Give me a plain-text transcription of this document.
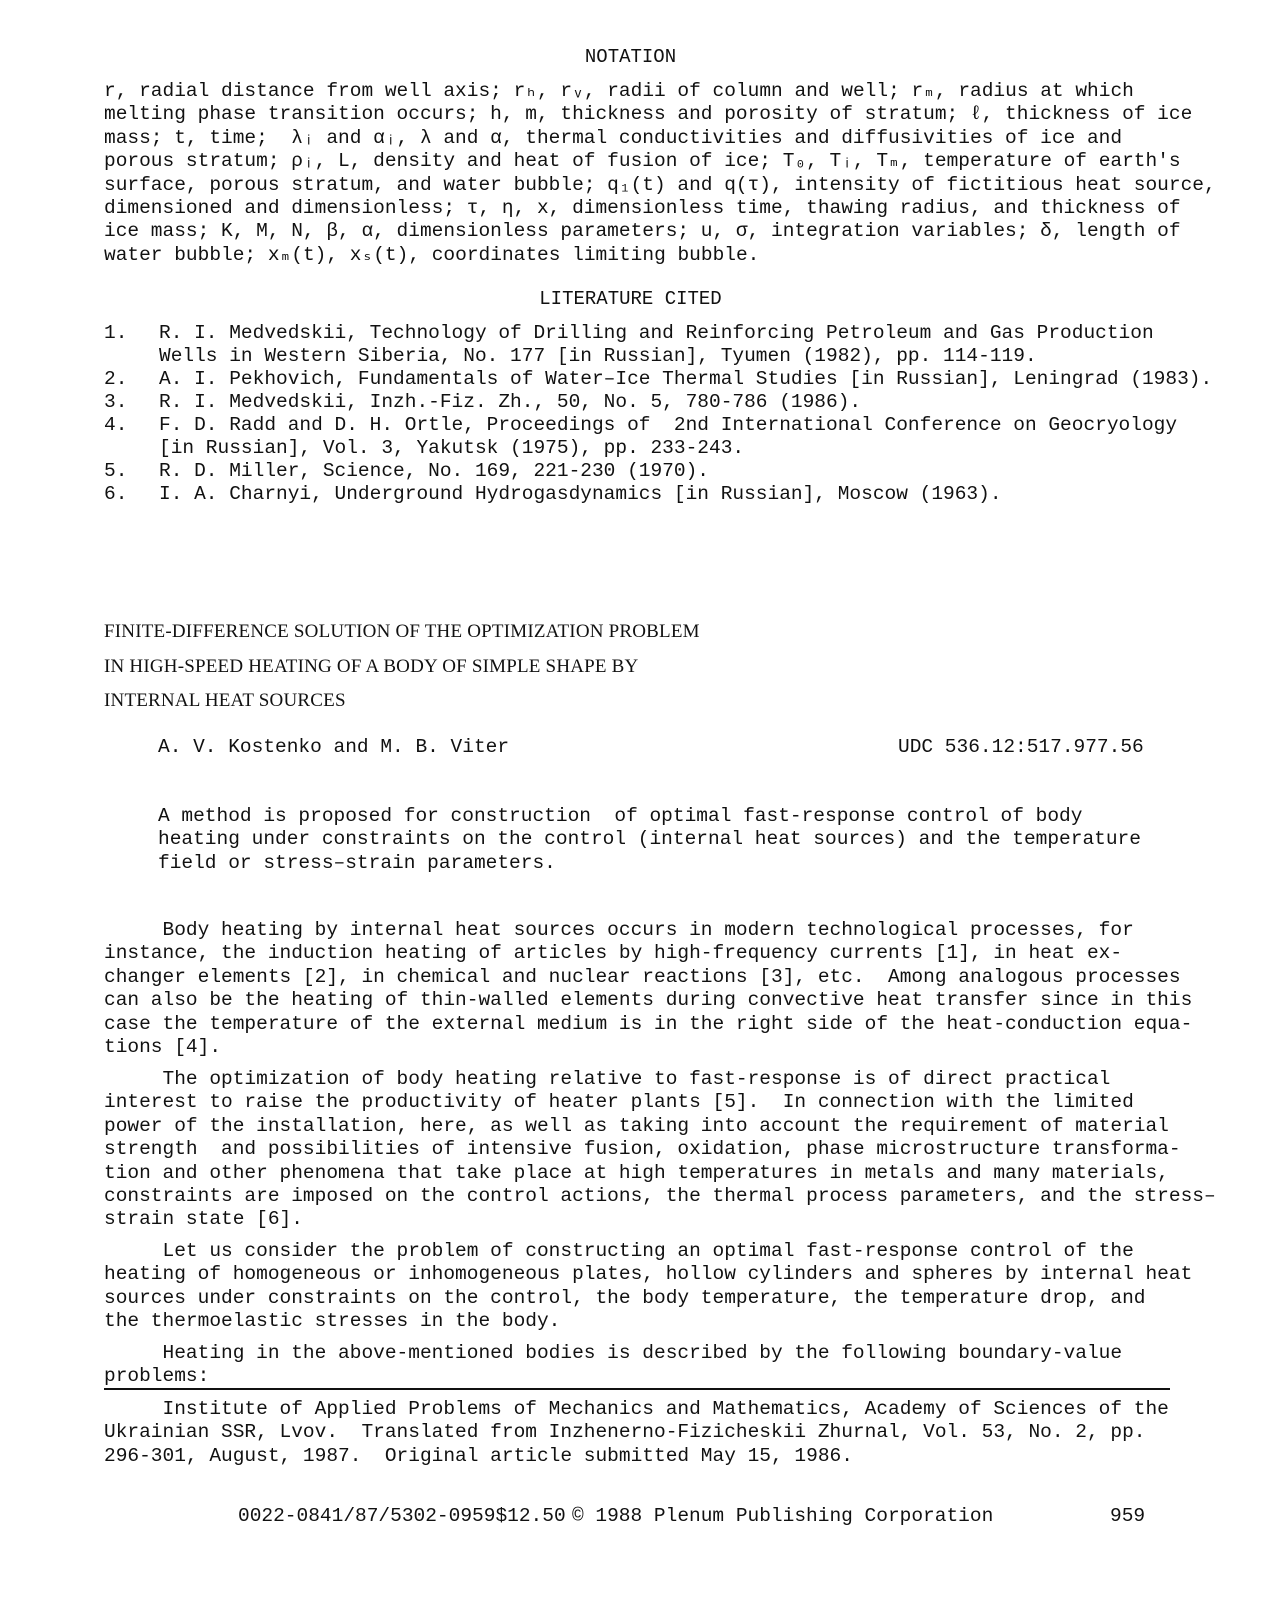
NOTATION
r, radial distance from well axis; rₕ, rᵥ, radii of column and well; rₘ, radius at which
melting phase transition occurs; h, m, thickness and porosity of stratum; ℓ, thickness of ice
mass; t, time;  λᵢ and αᵢ, λ and α, thermal conductivities and diffusivities of ice and
porous stratum; ρᵢ, L, density and heat of fusion of ice; T₀, Tᵢ, Tₘ, temperature of earth's
surface, porous stratum, and water bubble; q₁(t) and q(τ), intensity of fictitious heat source,
dimensioned and dimensionless; τ, η, x, dimensionless time, thawing radius, and thickness of
ice mass; K, M, N, β, α, dimensionless parameters; u, σ, integration variables; δ, length of
water bubble; xₘ(t), xₛ(t), coordinates limiting bubble.
LITERATURE CITED
1. R. I. Medvedskii, Technology of Drilling and Reinforcing Petroleum and Gas Production
Wells in Western Siberia, No. 177 [in Russian], Tyumen (1982), pp. 114-119.
2. A. I. Pekhovich, Fundamentals of Water–Ice Thermal Studies [in Russian], Leningrad (1983).
3. R. I. Medvedskii, Inzh.-Fiz. Zh., 50, No. 5, 780-786 (1986).
4. F. D. Radd and D. H. Ortle, Proceedings of  2nd International Conference on Geocryology
[in Russian], Vol. 3, Yakutsk (1975), pp. 233-243.
5. R. D. Miller, Science, No. 169, 221-230 (1970).
6. I. A. Charnyi, Underground Hydrogasdynamics [in Russian], Moscow (1963).
FINITE-DIFFERENCE SOLUTION OF THE OPTIMIZATION PROBLEM
IN HIGH-SPEED HEATING OF A BODY OF SIMPLE SHAPE BY
INTERNAL HEAT SOURCES
A. V. Kostenko and M. B. Viter	UDC 536.12:517.977.56
A method is proposed for construction  of optimal fast-response control of body
heating under constraints on the control (internal heat sources) and the temperature
field or stress–strain parameters.
Body heating by internal heat sources occurs in modern technological processes, for
instance, the induction heating of articles by high-frequency currents [1], in heat ex-
changer elements [2], in chemical and nuclear reactions [3], etc.  Among analogous processes
can also be the heating of thin-walled elements during convective heat transfer since in this
case the temperature of the external medium is in the right side of the heat-conduction equa-
tions [4].
The optimization of body heating relative to fast-response is of direct practical
interest to raise the productivity of heater plants [5].  In connection with the limited
power of the installation, here, as well as taking into account the requirement of material
strength  and possibilities of intensive fusion, oxidation, phase microstructure transforma-
tion and other phenomena that take place at high temperatures in metals and many materials,
constraints are imposed on the control actions, the thermal process parameters, and the stress–
strain state [6].
Let us consider the problem of constructing an optimal fast-response control of the
heating of homogeneous or inhomogeneous plates, hollow cylinders and spheres by internal heat
sources under constraints on the control, the body temperature, the temperature drop, and
the thermoelastic stresses in the body.
Heating in the above-mentioned bodies is described by the following boundary-value
problems:
Institute of Applied Problems of Mechanics and Mathematics, Academy of Sciences of the
Ukrainian SSR, Lvov.  Translated from Inzhenerno-Fizicheskii Zhurnal, Vol. 53, No. 2, pp.
296-301, August, 1987.  Original article submitted May 15, 1986.
0022-0841/87/5302-0959$12.50 © 1988 Plenum Publishing Corporation	959
